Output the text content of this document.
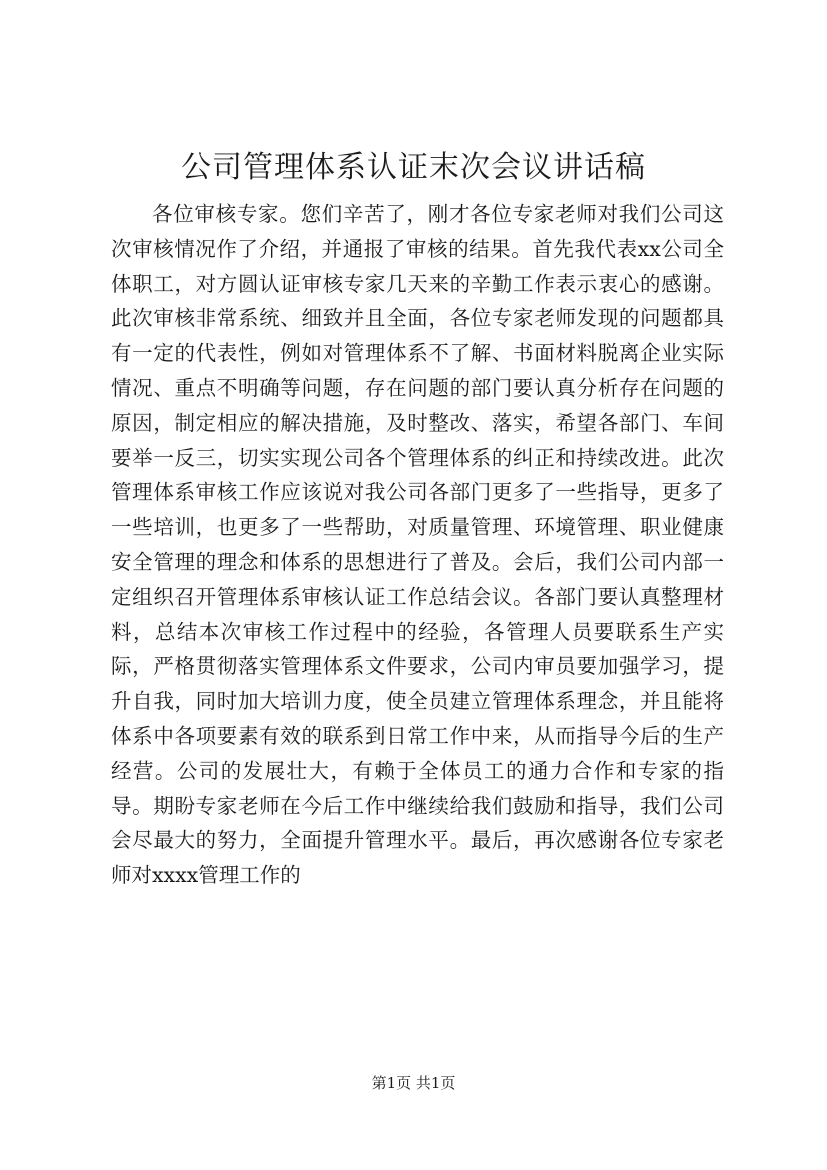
公司管理体系认证末次会议讲话稿

各位审核专家。您们辛苦了，刚才各位专家老师对我们公司这次审核情况作了介绍，并通报了审核的结果。首先我代表xx公司全体职工，对方圆认证审核专家几天来的辛勤工作表示衷心的感谢。此次审核非常系统、细致并且全面，各位专家老师发现的问题都具有一定的代表性，例如对管理体系不了解、书面材料脱离企业实际情况、重点不明确等问题，存在问题的部门要认真分析存在问题的原因，制定相应的解决措施，及时整改、落实，希望各部门、车间要举一反三，切实实现公司各个管理体系的纠正和持续改进。此次管理体系审核工作应该说对我公司各部门更多了一些指导，更多了一些培训，也更多了一些帮助，对质量管理、环境管理、职业健康安全管理的理念和体系的思想进行了普及。会后，我们公司内部一定组织召开管理体系审核认证工作总结会议。各部门要认真整理材料，总结本次审核工作过程中的经验，各管理人员要联系生产实际，严格贯彻落实管理体系文件要求，公司内审员要加强学习，提升自我，同时加大培训力度，使全员建立管理体系理念，并且能将体系中各项要素有效的联系到日常工作中来，从而指导今后的生产经营。公司的发展壮大，有赖于全体员工的通力合作和专家的指导。期盼专家老师在今后工作中继续给我们鼓励和指导，我们公司会尽最大的努力，全面提升管理水平。最后，再次感谢各位专家老师对xxxx管理工作的

第1页 共1页
